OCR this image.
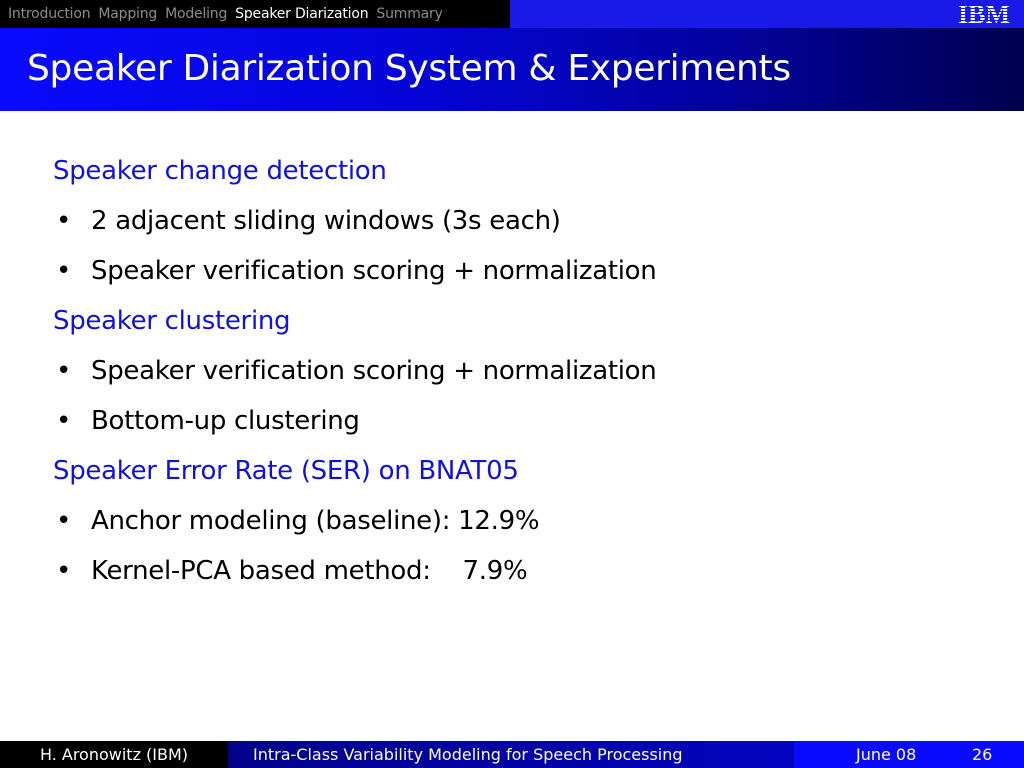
Introduction Mapping Modeling Speaker Diarization Summary	IBM
Speaker Diarization System & Experiments
Speaker change detection
• 2 adjacent sliding windows (3s each)
• Speaker verification scoring + normalization
Speaker clustering
• Speaker verification scoring + normalization
• Bottom-up clustering
Speaker Error Rate (SER) on BNAT05
• Anchor modeling (baseline): 12.9%
• Kernel-PCA based method:    7.9%
H. Aronowitz (IBM)	Intra-Class Variability Modeling for Speech Processing	June 08	26
